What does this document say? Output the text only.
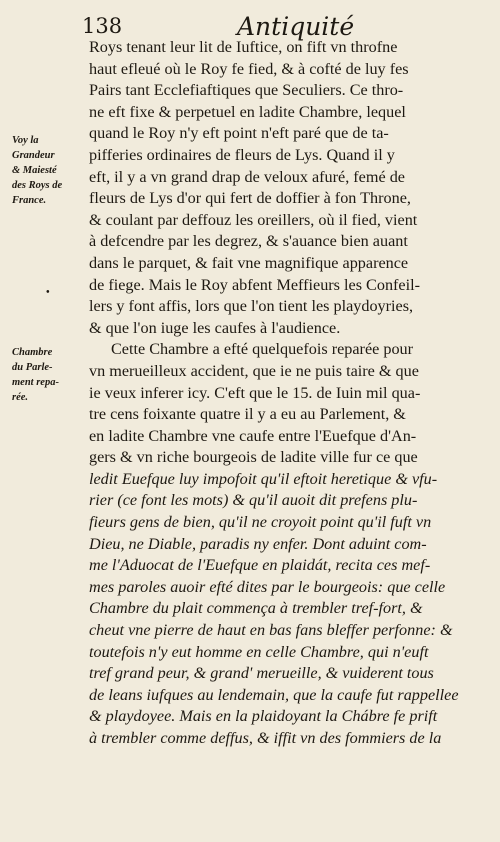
138	Antiquité
Voy la
Grandeur
& Maiesté
des Roys de
France.
•
Chambre
du Parle-
ment repa-
rée.
Roys tenant leur lit de Iuftice, on fift vn throfne
haut efleué où le Roy fe fied, & à cofté de luy fes
Pairs tant Ecclefiaftiques que Seculiers. Ce thro-
ne eft fixe & perpetuel en ladite Chambre, lequel
quand le Roy n'y eft point n'eft paré que de ta-
pifferies ordinaires de fleurs de Lys. Quand il y
eft, il y a vn grand drap de veloux afuré, femé de
fleurs de Lys d'or qui fert de doffier à fon Throne,
& coulant par deffouz les oreillers, où il fied, vient
à defcendre par les degrez, & s'auance bien auant
dans le parquet, & fait vne magnifique apparence
de fiege. Mais le Roy abfent Meffieurs les Confeil-
lers y font affis, lors que l'on tient les playdoyries,
& que l'on iuge les caufes à l'audience.
Cette Chambre a efté quelquefois reparée pour
vn merueilleux accident, que ie ne puis taire & que
ie veux inferer icy. C'eft que le 15. de Iuin mil qua-
tre cens foixante quatre il y a eu au Parlement, &
en ladite Chambre vne caufe entre l'Euefque d'An-
gers & vn riche bourgeois de ladite ville fur ce que
ledit Euefque luy impofoit qu'il eftoit heretique & vfu-
rier (ce font les mots) & qu'il auoit dit prefens plu-
fieurs gens de bien, qu'il ne croyoit point qu'il fuft vn
Dieu, ne Diable, paradis ny enfer. Dont aduint com-
me l'Aduocat de l'Euefque en plaidát, recita ces mef-
mes paroles auoir efté dites par le bourgeois: que celle
Chambre du plait commença à trembler tref-fort, &
cheut vne pierre de haut en bas fans bleffer perfonne: &
toutefois n'y eut homme en celle Chambre, qui n'euft
tref grand peur, & grand' merueille, & vuiderent tous
de leans iufques au lendemain, que la caufe fut rappellee
& playdoyee. Mais en la plaidoyant la Chábre fe prift
à trembler comme deffus, & iffit vn des fommiers de la
